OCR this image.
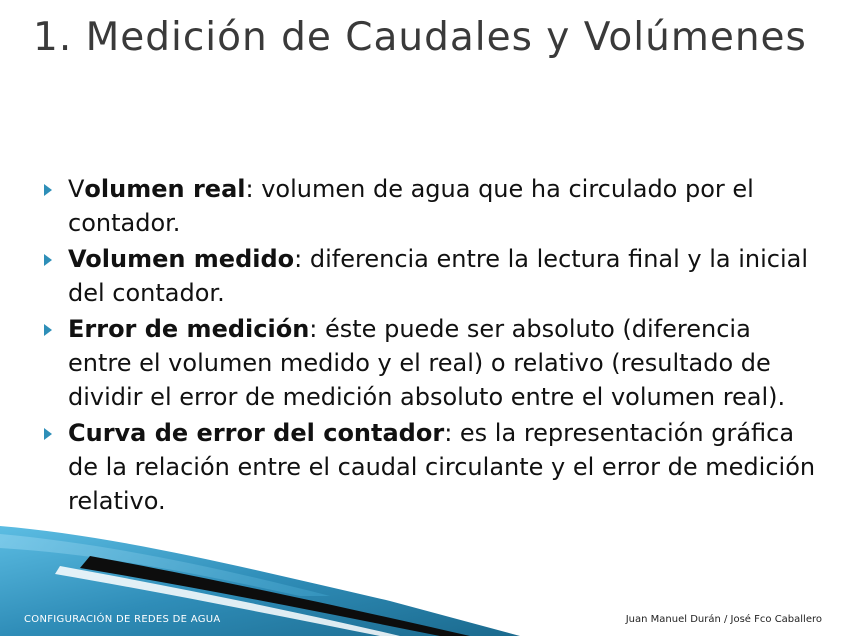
1. Medición de Caudales y Volúmenes
Volumen real: volumen de agua que ha circulado por el contador.
Volumen medido: diferencia entre la lectura final y la inicial del contador.
Error de medición: éste puede ser absoluto (diferencia entre el volumen medido y el real) o relativo (resultado de dividir el error de medición absoluto entre el volumen real).
Curva de error del contador: es la representación gráfica de la relación entre el caudal circulante y el error de medición relativo.
CONFIGURACIÓN DE REDES DE AGUA	Juan Manuel Durán / José Fco Caballero
